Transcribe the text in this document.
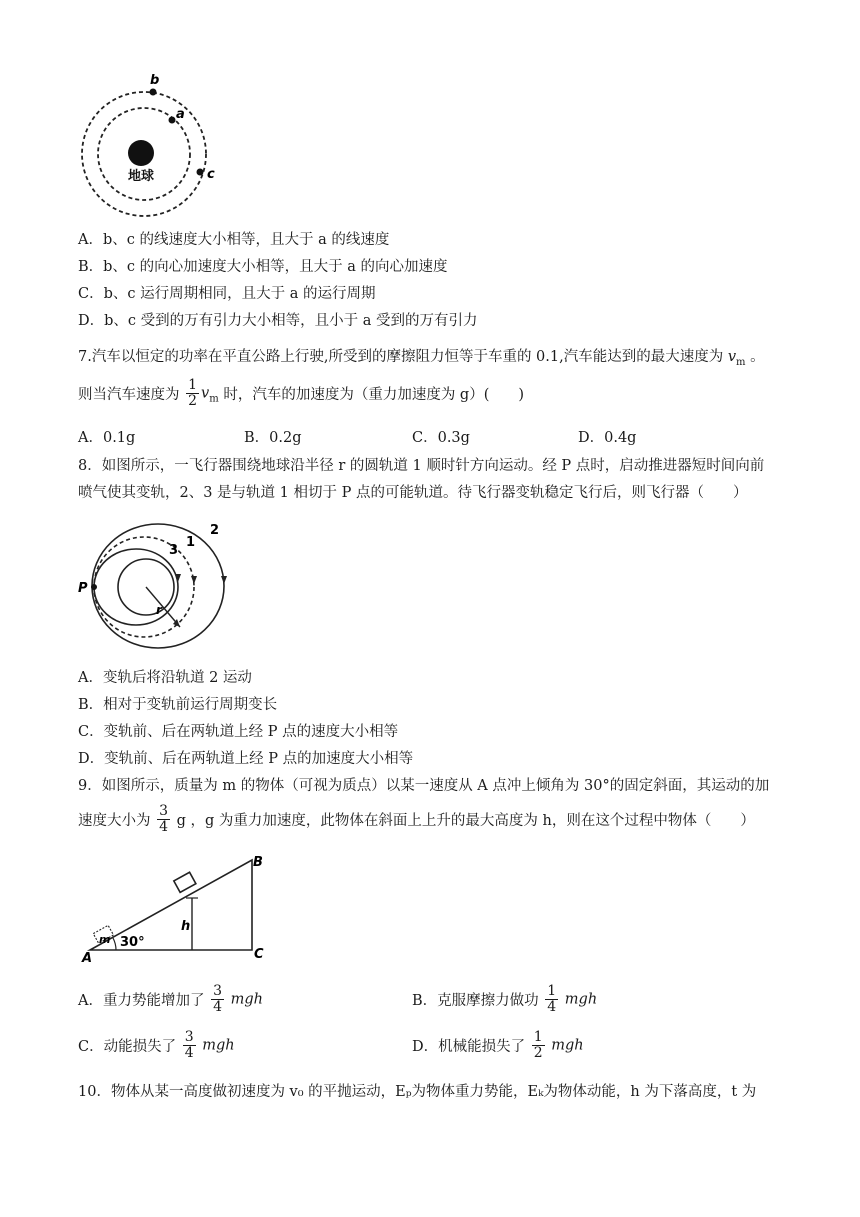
地球
b
a
c
A．b、c 的线速度大小相等，且大于 a 的线速度
B．b、c 的向心加速度大小相等，且大于 a 的向心加速度
C．b、c 运行周期相同，且大于 a 的运行周期
D．b、c 受到的万有引力大小相等，且小于 a 受到的万有引力
7.汽车以恒定的功率在平直公路上行驶,所受到的摩擦阻力恒等于车重的 0.1,汽车能达到的最大速度为 $v_m$ 。
则当汽车速度为 $\frac{1}{2} v_m$ 时，汽车的加速度为（重力加速度为 g）(　　)
A．0.1g	B．0.2g	C．0.3g	D．0.4g
8．如图所示，一飞行器围绕地球沿半径 r 的圆轨道 1 顺时针方向运动。经 P 点时，启动推进器短时间向前
喷气使其变轨，2、3 是与轨道 1 相切于 P 点的可能轨道。待飞行器变轨稳定飞行后，则飞行器（　　）
P
r
1
2
3
A．变轨后将沿轨道 2 运动
B．相对于变轨前运行周期变长
C．变轨前、后在两轨道上经 P 点的速度大小相等
D．变轨前、后在两轨道上经 P 点的加速度大小相等
9．如图所示，质量为 m 的物体（可视为质点）以某一速度从 A 点冲上倾角为 30°的固定斜面，其运动的加
速度大小为 $\frac{3}{4}$ g ，g 为重力加速度，此物体在斜面上上升的最大高度为 h，则在这个过程中物体（　　）
h
m 30°
A
B
C
A．重力势能增加了 $\frac{3}{4}$ mgh	B．克服摩擦力做功 $\frac{1}{4}$ mgh
C．动能损失了 $\frac{3}{4}$ mgh	D．机械能损失了 $\frac{1}{2}$ mgh
10．物体从某一高度做初速度为 v₀ 的平抛运动，Eₚ为物体重力势能，Eₖ为物体动能，h 为下落高度，t 为
